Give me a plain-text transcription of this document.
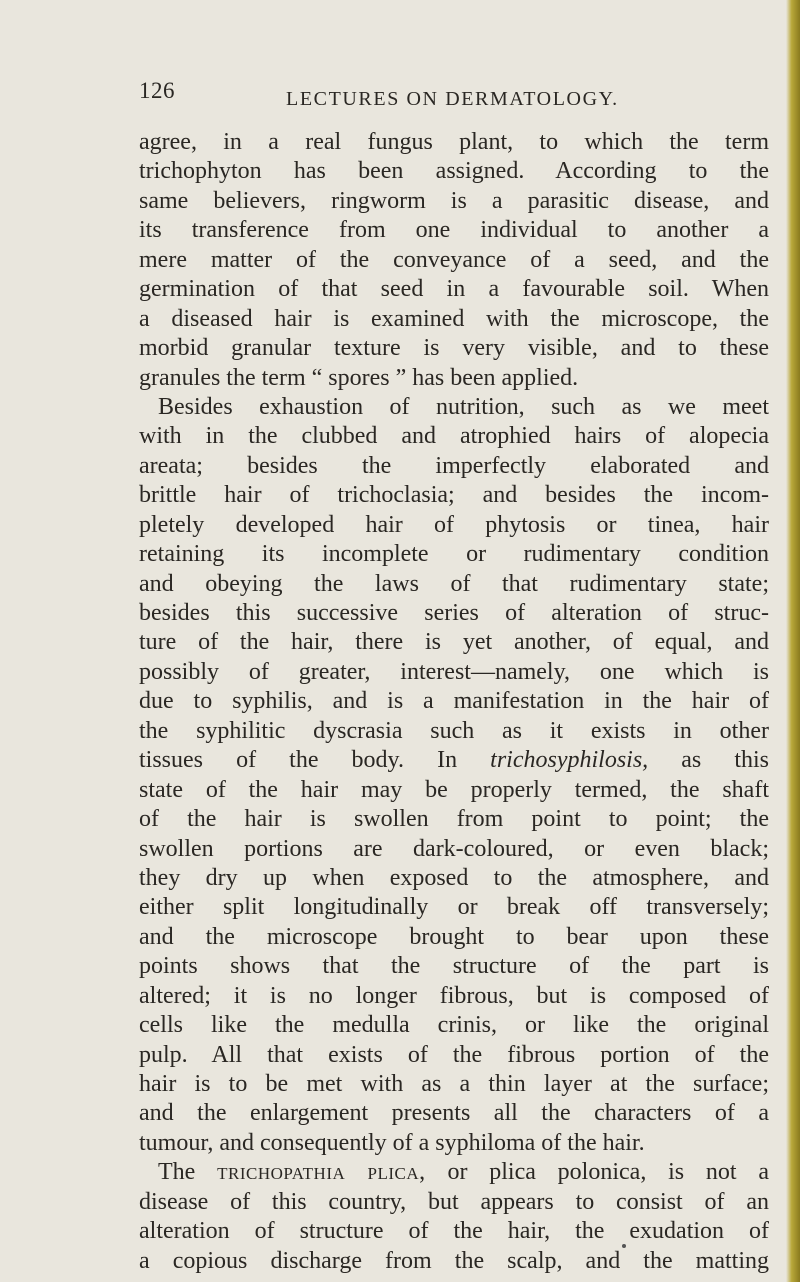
126	LECTURES ON DERMATOLOGY.
agree, in a real fungus plant, to which the term
trichophyton has been assigned. According to the
same believers, ringworm is a parasitic disease, and
its transference from one individual to another a
mere matter of the conveyance of a seed, and the
germination of that seed in a favourable soil. When
a diseased hair is examined with the microscope, the
morbid granular texture is very visible, and to these
granules the term “ spores ” has been applied.
Besides exhaustion of nutrition, such as we meet
with in the clubbed and atrophied hairs of alopecia
areata; besides the imperfectly elaborated and
brittle hair of trichoclasia; and besides the incom-
pletely developed hair of phytosis or tinea, hair
retaining its incomplete or rudimentary condition
and obeying the laws of that rudimentary state;
besides this successive series of alteration of struc-
ture of the hair, there is yet another, of equal, and
possibly of greater, interest—namely, one which is
due to syphilis, and is a manifestation in the hair of
the syphilitic dyscrasia such as it exists in other
tissues of the body. In trichosyphilosis, as this
state of the hair may be properly termed, the shaft
of the hair is swollen from point to point; the
swollen portions are dark-coloured, or even black;
they dry up when exposed to the atmosphere, and
either split longitudinally or break off transversely;
and the microscope brought to bear upon these
points shows that the structure of the part is
altered; it is no longer fibrous, but is composed of
cells like the medulla crinis, or like the original
pulp. All that exists of the fibrous portion of the
hair is to be met with as a thin layer at the surface;
and the enlargement presents all the characters of a
tumour, and consequently of a syphiloma of the hair.
The trichopathia plica, or plica polonica, is not a
disease of this country, but appears to consist of an
alteration of structure of the hair, the exudation of
a copious discharge from the scalp, and the matting
